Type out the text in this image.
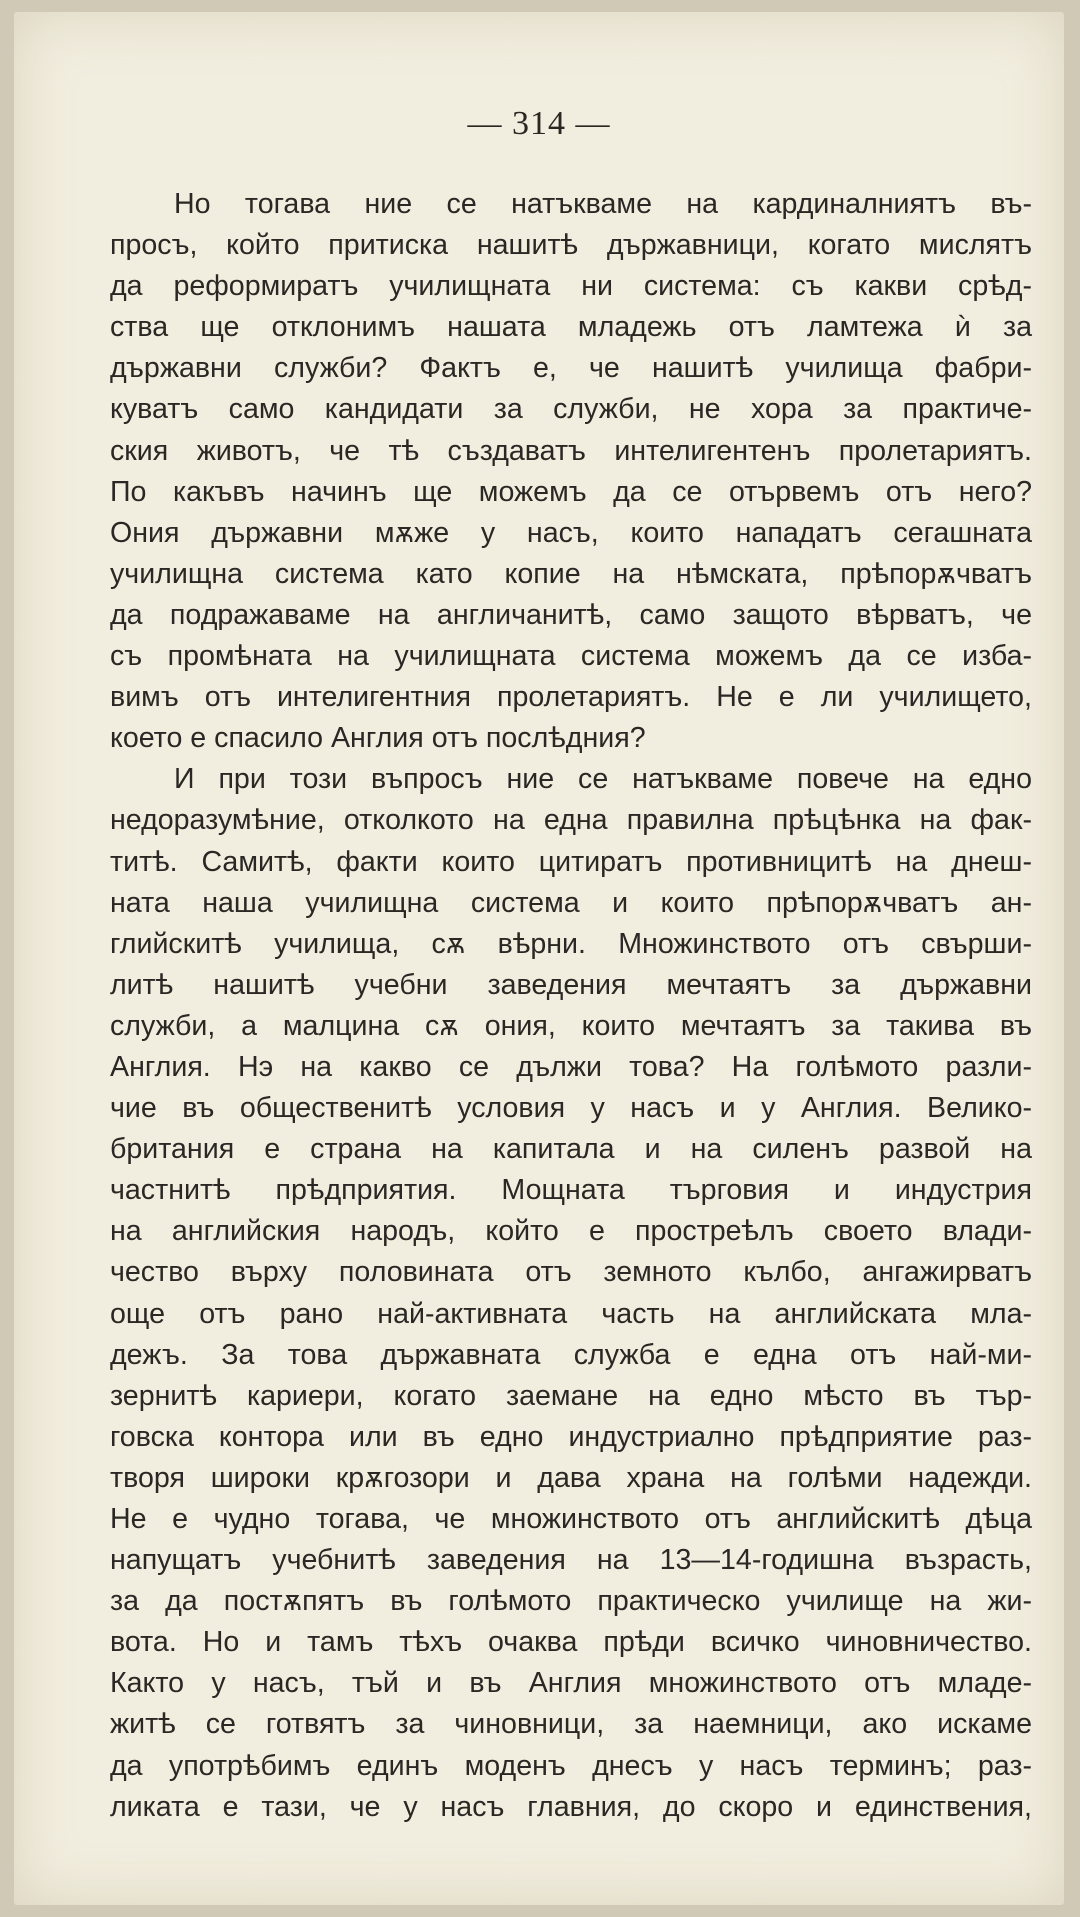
— 314 —
Но тогава ние се натъкваме на кардиналниятъ въ-
просъ, който притиска нашитѣ държавници, когато мислятъ
да реформиратъ училищната ни система: съ какви срѣд-
ства ще отклонимъ нашата младежь отъ ламтежа ѝ за
държавни служби? Фактъ е, че нашитѣ училища фабри-
куватъ само кандидати за служби, не хора за практиче-
ския животъ, че тѣ създаватъ интелигентенъ пролетариятъ.
По какъвъ начинъ ще можемъ да се отървемъ отъ него?
Ония държавни мѫже у насъ, които нападатъ сегашната
училищна система като копие на нѣмската, прѣпорѫчватъ
да подражаваме на англичанитѣ, само защото вѣрватъ, че
съ промѣната на училищната система можемъ да се изба-
вимъ отъ интелигентния пролетариятъ. Не е ли училището,
което е спасило Англия отъ послѣдния?
И при този въпросъ ние се натъкваме повече на едно
недоразумѣние, отколкото на една правилна прѣцѣнка на фак-
титѣ. Самитѣ, факти които цитиратъ противницитѣ на днеш-
ната наша училищна система и които прѣпорѫчватъ ан-
глийскитѣ училища, сѫ вѣрни. Множинството отъ свърши-
литѣ нашитѣ учебни заведения мечтаятъ за държавни
служби, а малцина сѫ ония, които мечтаятъ за такива въ
Англия. Нэ на какво се дължи това? На голѣмото разли-
чие въ общественитѣ условия у насъ и у Англия. Велико-
британия е страна на капитала и на силенъ развой на
частнитѣ прѣдприятия. Мощната търговия и индустрия
на английския народъ, който е простреѣлъ своето влади-
чество върху половината отъ земното кълбо, ангажирватъ
още отъ рано най-активната часть на английската мла-
дежъ. За това държавната служба е една отъ най-ми-
зернитѣ кариери, когато заемане на едно мѣсто въ тър-
говска контора или въ едно индустриално прѣдприятие раз-
творя широки крѫгозори и дава храна на голѣми надежди.
Не е чудно тогава, че множинството отъ английскитѣ дѣца
напущатъ учебнитѣ заведения на 13—14-годишна възрасть,
за да постѫпятъ въ голѣмото практическо училище на жи-
вота. Но и тамъ тѣхъ очаква прѣди всичко чиновничество.
Както у насъ, тъй и въ Англия множинството отъ младе-
житѣ се готвятъ за чиновници, за наемници, ако искаме
да употрѣбимъ единъ моденъ днесъ у насъ терминъ; раз-
ликата е тази, че у насъ главния, до скоро и единствения,
